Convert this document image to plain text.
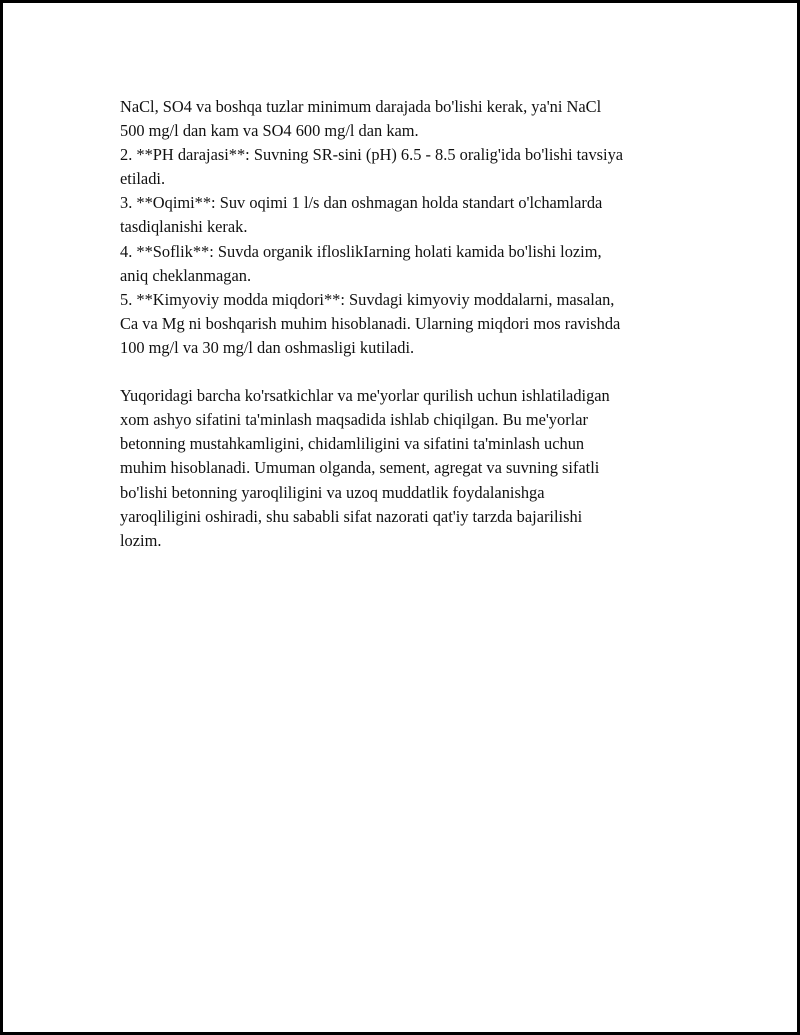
NaCl, SO4 va boshqa tuzlar minimum darajada bo'lishi kerak, ya'ni NaCl
500 mg/l dan kam va SO4 600 mg/l dan kam.
2. **PH darajasi**: Suvning SR-sini (pH) 6.5 - 8.5 oralig'ida bo'lishi tavsiya
etiladi.
3. **Oqimi**: Suv oqimi 1 l/s dan oshmagan holda standart o'lchamlarda
tasdiqlanishi kerak.
4. **Soflik**: Suvda organik ifloslikIarning holati kamida bo'lishi lozim,
aniq cheklanmagan.
5. **Kimyoviy modda miqdori**: Suvdagi kimyoviy moddalarni, masalan,
Ca va Mg ni boshqarish muhim hisoblanadi. Ularning miqdori mos ravishda
100 mg/l va 30 mg/l dan oshmasligi kutiladi.
Yuqoridagi barcha ko'rsatkichlar va me'yorlar qurilish uchun ishlatiladigan
xom ashyo sifatini ta'minlash maqsadida ishlab chiqilgan. Bu me'yorlar
betonning mustahkamligini, chidamliligini va sifatini ta'minlash uchun
muhim hisoblanadi. Umuman olganda, sement, agregat va suvning sifatli
bo'lishi betonning yaroqliligini va uzoq muddatlik foydalanishga
yaroqliligini oshiradi, shu sababli sifat nazorati qat'iy tarzda bajarilishi
lozim.
